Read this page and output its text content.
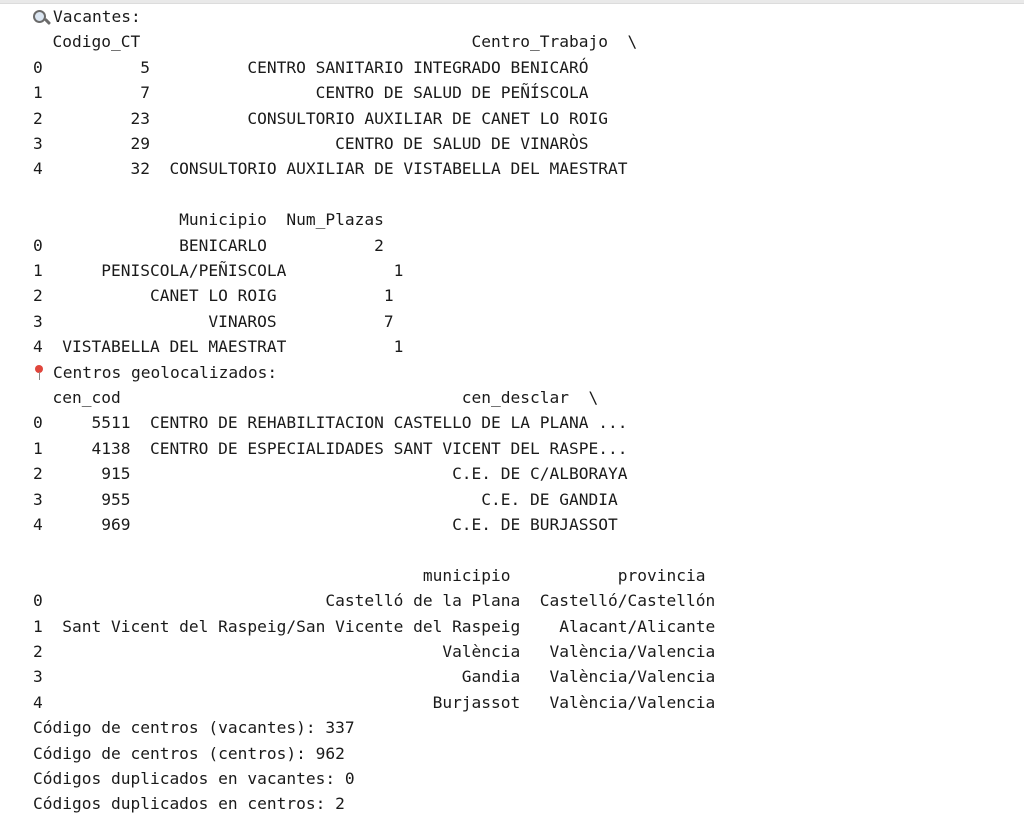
Vacantes:
Codigo_CT                                  Centro_Trabajo  \
0          5          CENTRO SANITARIO INTEGRADO BENICARÓ
1          7                 CENTRO DE SALUD DE PEÑÍSCOLA
2         23          CONSULTORIO AUXILIAR DE CANET LO ROIG
3         29                   CENTRO DE SALUD DE VINARÒS
4         32  CONSULTORIO AUXILIAR DE VISTABELLA DEL MAESTRAT
Municipio  Num_Plazas
0              BENICARLO           2
1      PENISCOLA/PEÑISCOLA           1
2           CANET LO ROIG           1
3                 VINAROS           7
4  VISTABELLA DEL MAESTRAT           1
Centros geolocalizados:
cen_cod                                   cen_desclar  \
0     5511  CENTRO DE REHABILITACION CASTELLO DE LA PLANA ...
1     4138  CENTRO DE ESPECIALIDADES SANT VICENT DEL RASPE...
2      915                                 C.E. DE C/ALBORAYA
3      955                                    C.E. DE GANDIA
4      969                                 C.E. DE BURJASSOT
municipio           provincia
0                             Castelló de la Plana  Castelló/Castellón
1  Sant Vicent del Raspeig/San Vicente del Raspeig    Alacant/Alicante
2                                         València   València/Valencia
3                                           Gandia   València/Valencia
4                                        Burjassot   València/Valencia
Código de centros (vacantes): 337
Código de centros (centros): 962
Códigos duplicados en vacantes: 0
Códigos duplicados en centros: 2
